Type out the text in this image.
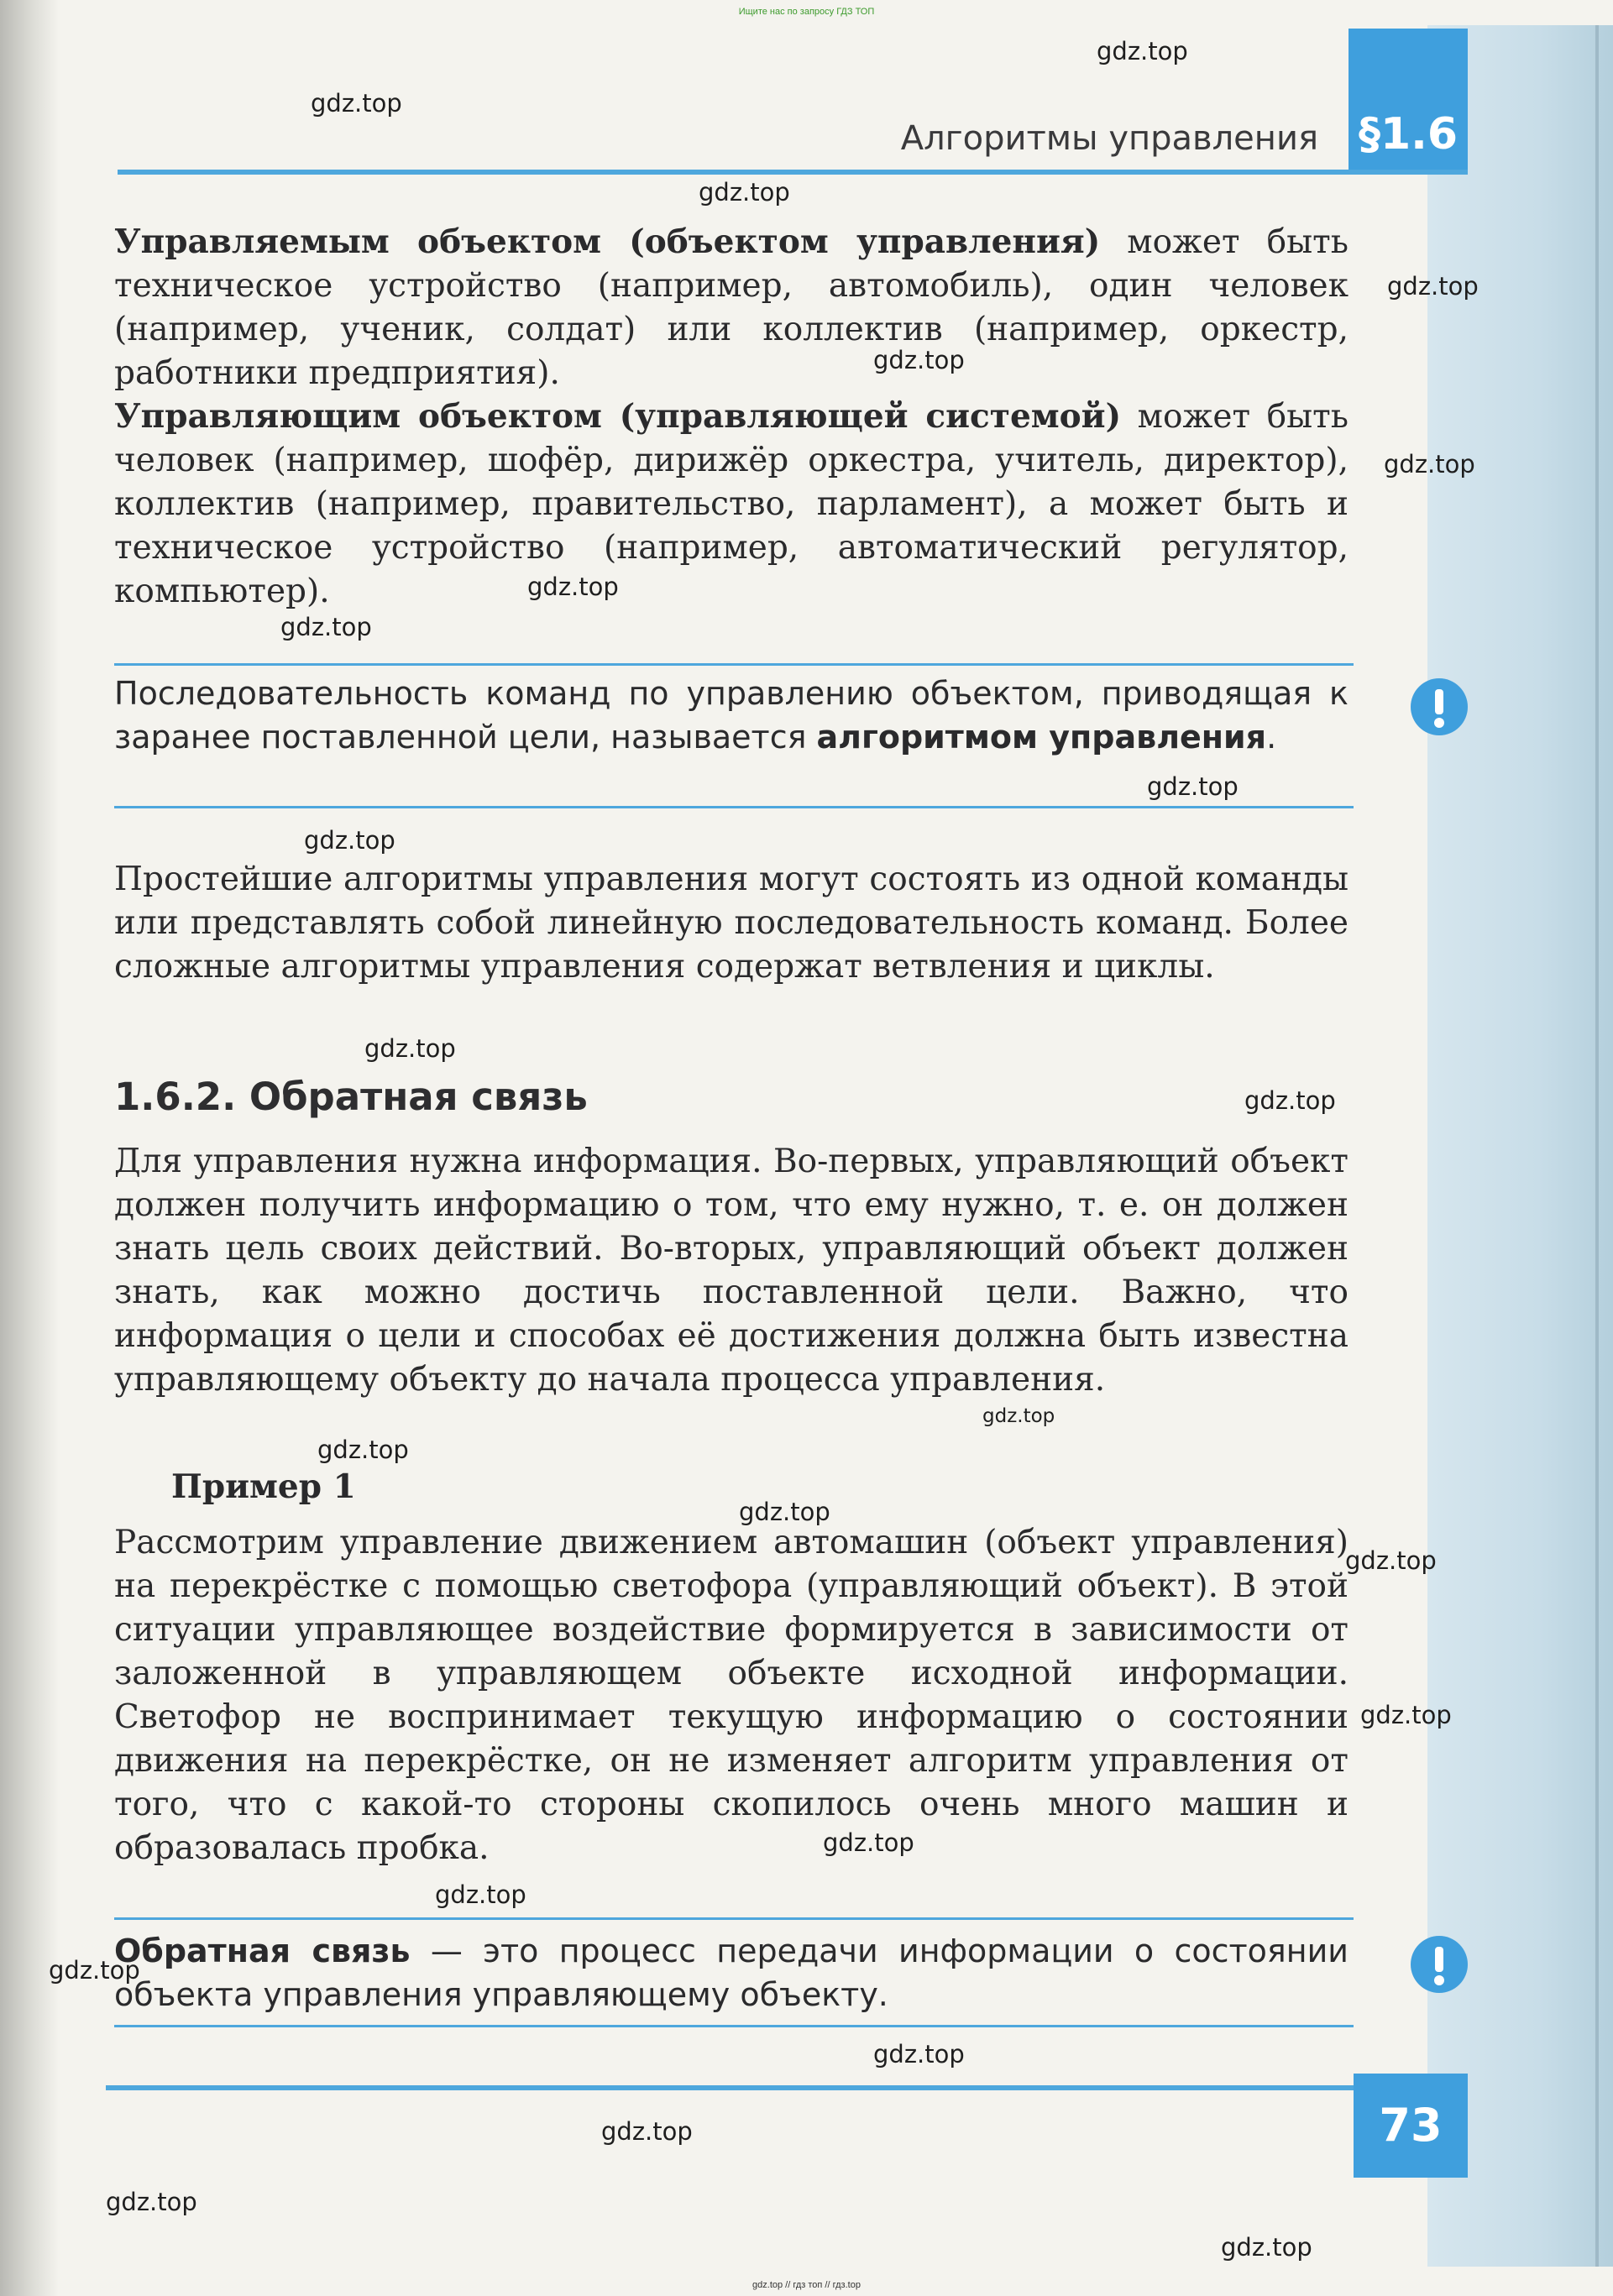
Ищите нас по запросу ГДЗ ТОП
§1.6
Алгоритмы управления

Управляемым объектом (объектом управления) может быть техническое устройство (например, автомобиль), один человек (например, ученик, солдат) или коллектив (например, оркестр, работники предприятия).

Управляющим объектом (управляющей системой) может быть человек (например, шофёр, дирижёр оркестра, учитель, директор), коллектив (например, правительство, парламент), а может быть и техническое устройство (например, автоматический регулятор, компьютер).

Последовательность команд по управлению объектом, приводящая к заранее поставленной цели, называется алгоритмом управления.

Простейшие алгоритмы управления могут состоять из одной команды или представлять собой линейную последовательность команд. Более сложные алгоритмы управления содержат ветвления и циклы.

1.6.2. Обратная связь

Для управления нужна информация. Во-первых, управляющий объект должен получить информацию о том, что ему нужно, т. е. он должен знать цель своих действий. Во-вторых, управляющий объект должен знать, как можно достичь поставленной цели. Важно, что информация о цели и способах её достижения должна быть известна управляющему объекту до начала процесса управления.

Пример 1

Рассмотрим управление движением автомашин (объект управления) на перекрёстке с помощью светофора (управляющий объект). В этой ситуации управляющее воздействие формируется в зависимости от заложенной в управляющем объекте исходной информации. Светофор не воспринимает текущую информацию о состоянии движения на перекрёстке, он не изменяет алгоритм управления от того, что с какой-то стороны скопилось очень много машин и образовалась пробка.

Обратная связь — это процесс передачи информации о состоянии объекта управления управляющему объекту.

73
gdz.top
gdz.top
gdz.top
gdz.top
gdz.top
gdz.top
gdz.top
gdz.top
gdz.top
gdz.top
gdz.top
gdz.top
gdz.top
gdz.top
gdz.top
gdz.top
gdz.top
gdz.top
gdz.top
gdz.top
gdz.top
gdz.top
gdz.top
gdz.top
gdz.top // гдз топ // гдз.top
